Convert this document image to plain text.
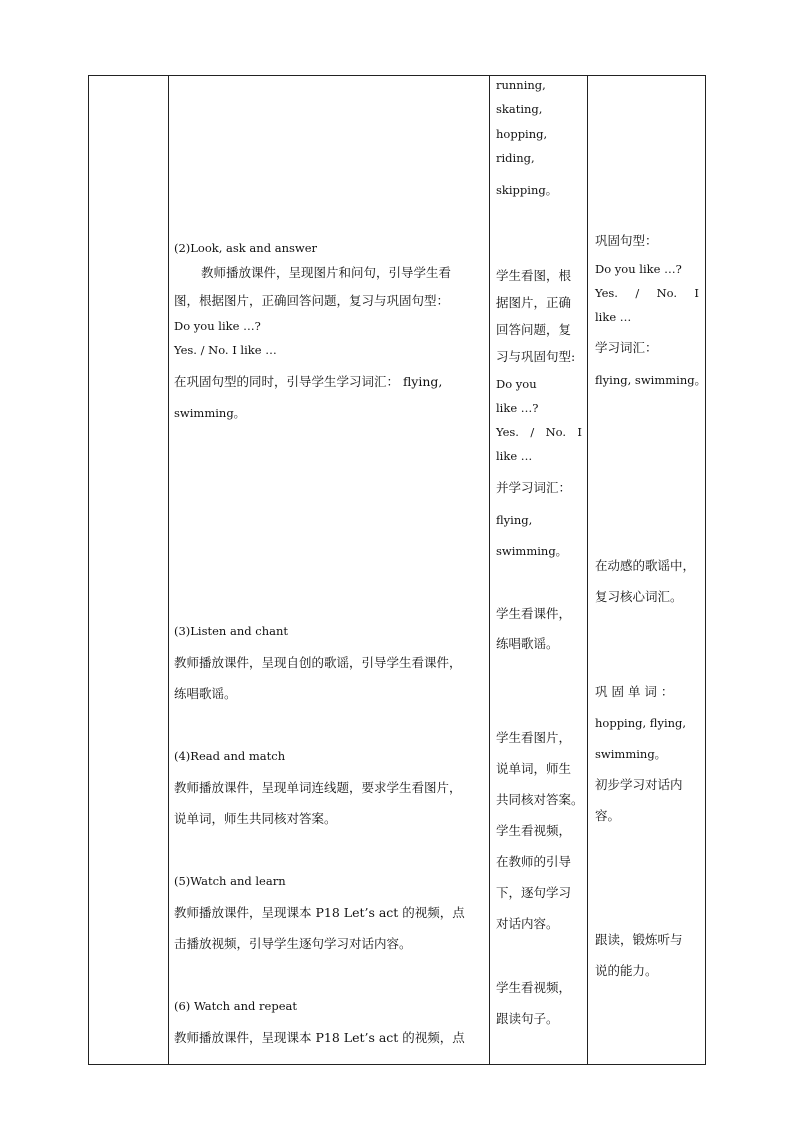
(2)Look, ask and answer
教师播放课件，呈现图片和问句，引导学生看
图，根据图片，正确回答问题，复习与巩固句型：
Do you like …?
Yes. / No. I like …
在巩固句型的同时，引导学生学习词汇： flying,
swimming。
(3)Listen and chant
教师播放课件，呈现自创的歌谣，引导学生看课件，
练唱歌谣。
(4)Read and match
教师播放课件，呈现单词连线题，要求学生看图片，
说单词，师生共同核对答案。
(5)Watch and learn
教师播放课件，呈现课本 P18 Let’s act 的视频，点
击播放视频，引导学生逐句学习对话内容。
(6) Watch and repeat
教师播放课件，呈现课本 P18 Let’s act 的视频，点
running,
skating,
hopping,
riding,
skipping。
学生看图，根
据图片，正确
回答问题，复
习与巩固句型:
Do you
like …?
Yes. / No. I
like …
并学习词汇：
flying,
swimming。
学生看课件，
练唱歌谣。
学生看图片，
说单词，师生
共同核对答案。
学生看视频，
在教师的引导
下，逐句学习
对话内容。
学生看视频，
跟读句子。
巩固句型：
Do you like …?
Yes. / No. I
like …
学习词汇：
flying, swimming。
在动感的歌谣中，
复习核心词汇。
巩 固 单 词 ：
hopping, flying,
swimming。
初步学习对话内
容。
跟读，锻炼听与
说的能力。
